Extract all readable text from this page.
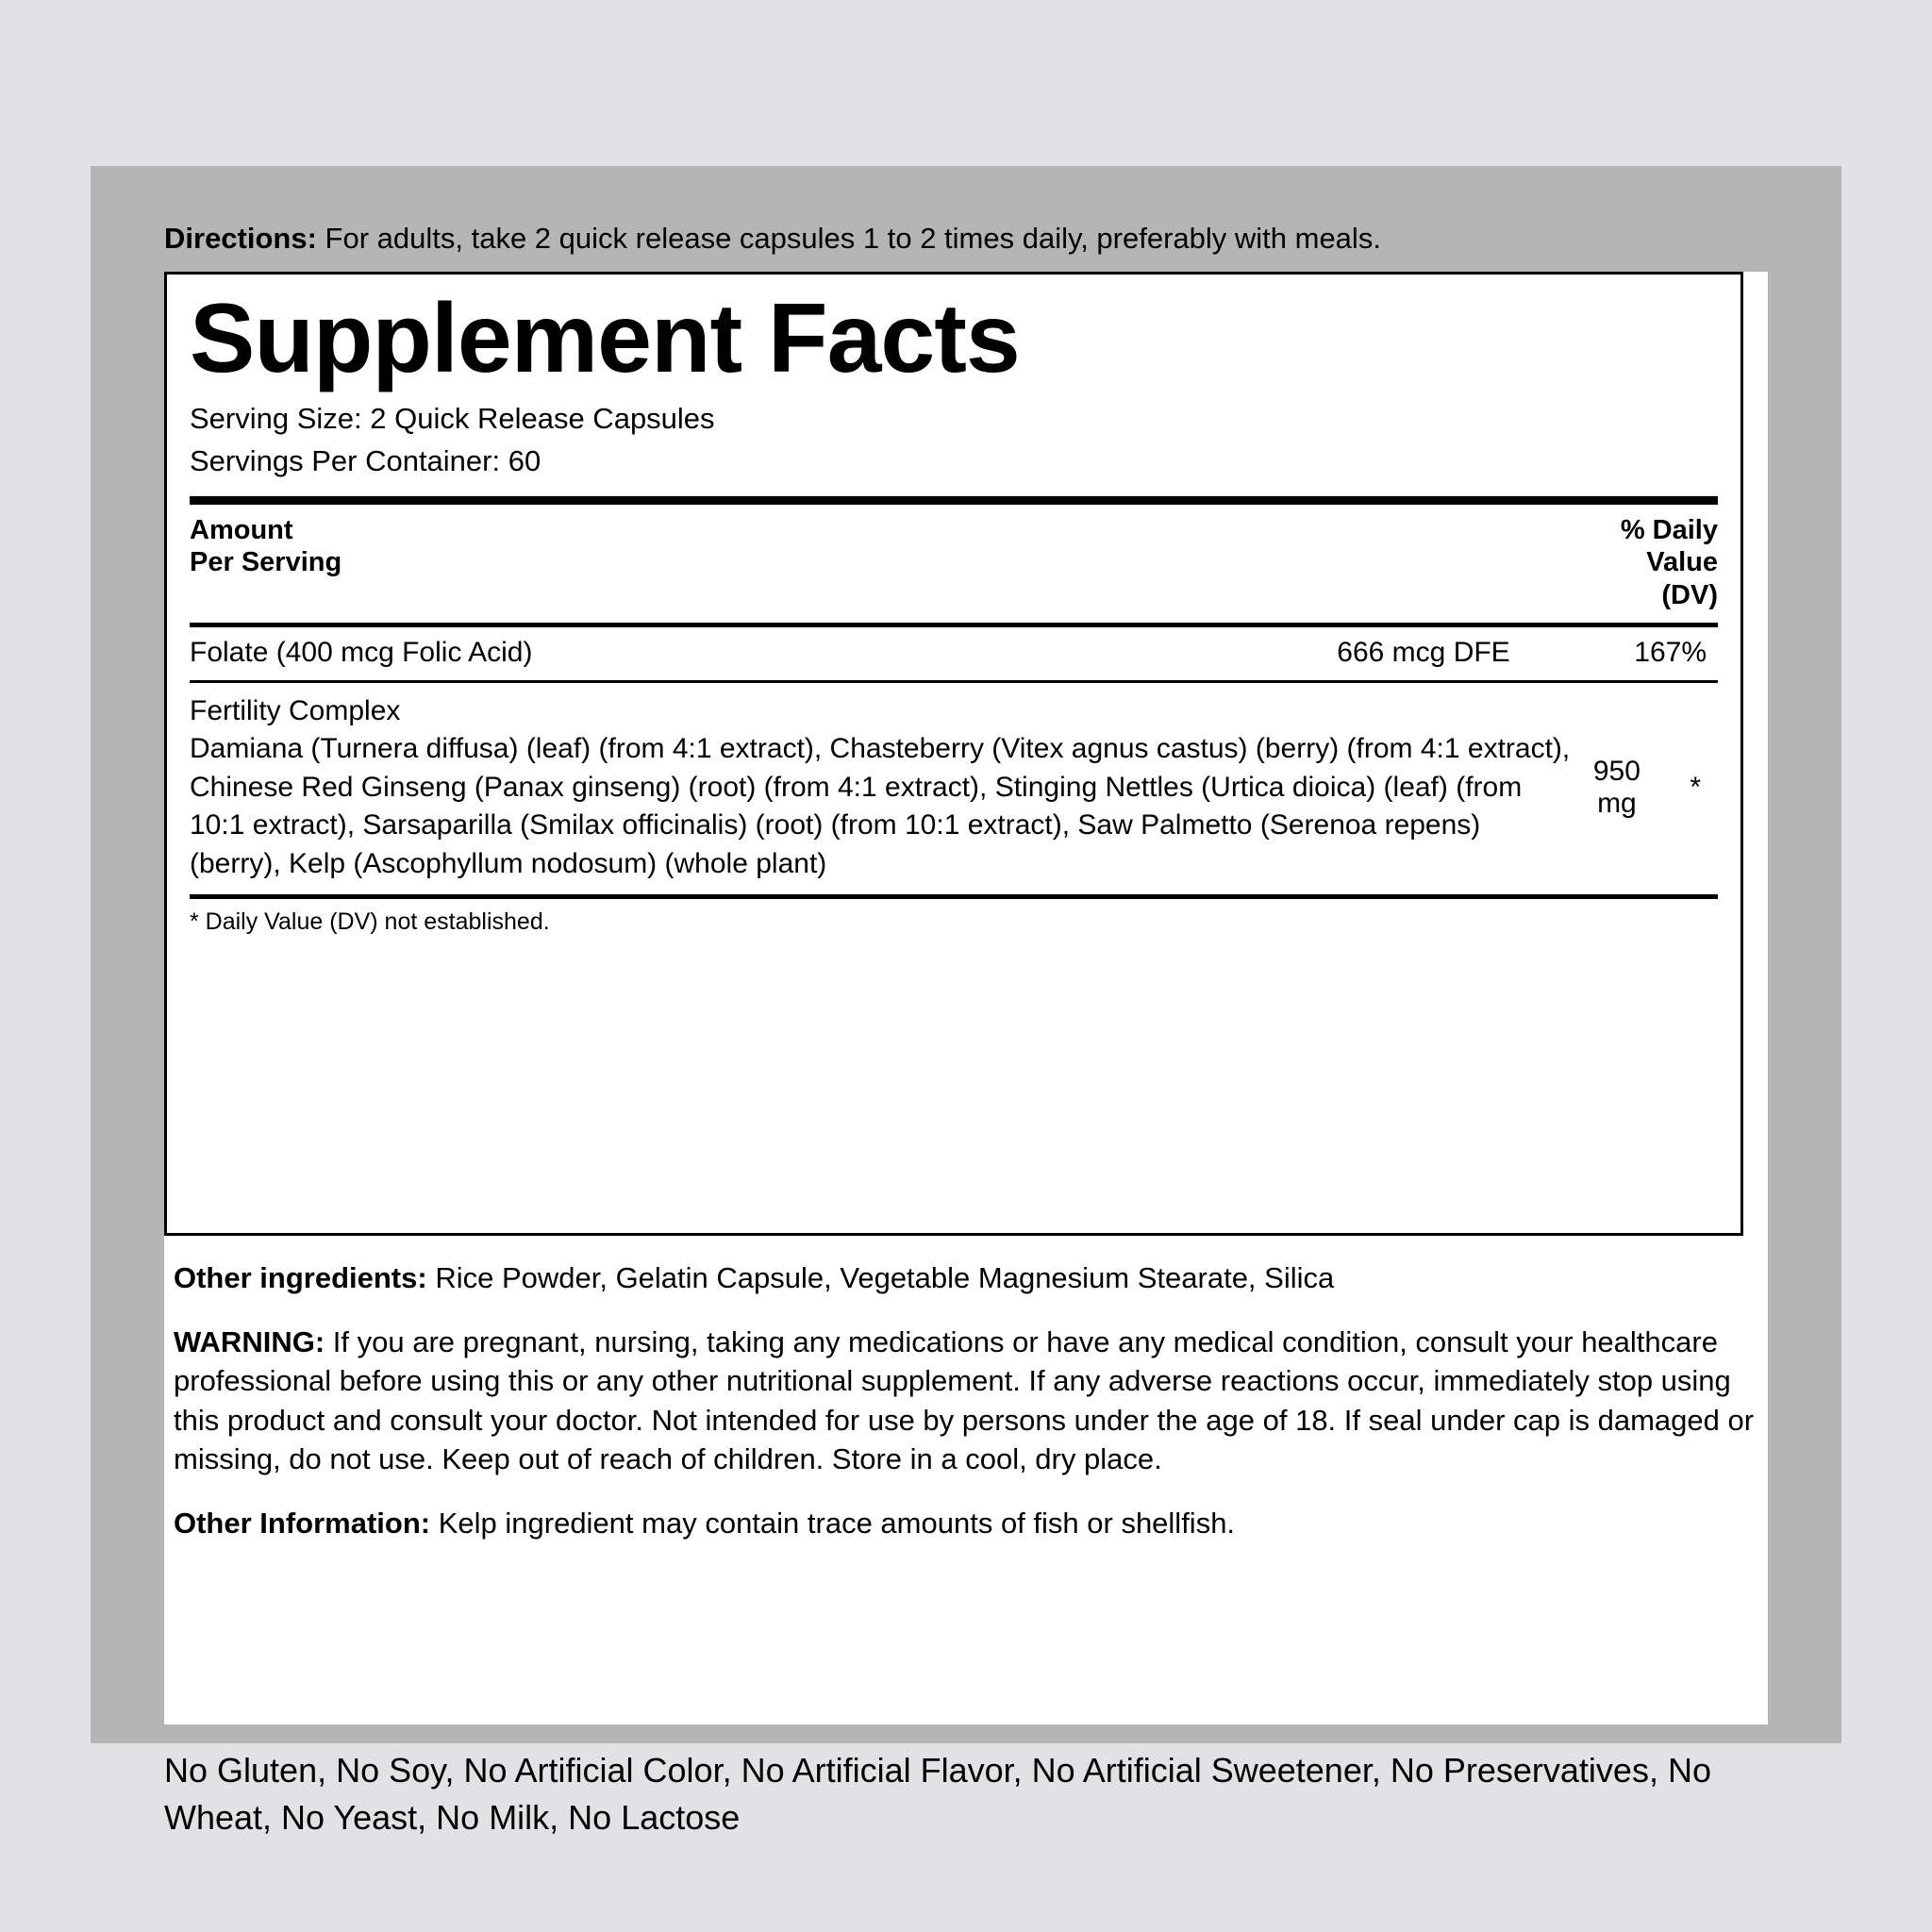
Directions: For adults, take 2 quick release capsules 1 to 2 times daily, preferably with meals.
Supplement Facts
Serving Size: 2 Quick Release Capsules
Servings Per Container: 60
Amount
Per Serving
% Daily
Value
(DV)
Folate (400 mcg Folic Acid)	666 mcg DFE	167%
Fertility Complex
Damiana (Turnera diffusa) (leaf) (from 4:1 extract), Chasteberry (Vitex agnus castus) (berry) (from 4:1 extract), Chinese Red Ginseng (Panax ginseng) (root) (from 4:1 extract), Stinging Nettles (Urtica dioica) (leaf) (from 10:1 extract), Sarsaparilla (Smilax officinalis) (root) (from 10:1 extract), Saw Palmetto (Serenoa repens) (berry), Kelp (Ascophyllum nodosum) (whole plant)
950 mg
*
* Daily Value (DV) not established.

Other ingredients: Rice Powder, Gelatin Capsule, Vegetable Magnesium Stearate, Silica

WARNING: If you are pregnant, nursing, taking any medications or have any medical condition, consult your healthcare professional before using this or any other nutritional supplement. If any adverse reactions occur, immediately stop using this product and consult your doctor. Not intended for use by persons under the age of 18. If seal under cap is damaged or missing, do not use. Keep out of reach of children. Store in a cool, dry place.

Other Information: Kelp ingredient may contain trace amounts of fish or shellfish.

No Gluten, No Soy, No Artificial Color, No Artificial Flavor, No Artificial Sweetener, No Preservatives, No Wheat, No Yeast, No Milk, No Lactose
